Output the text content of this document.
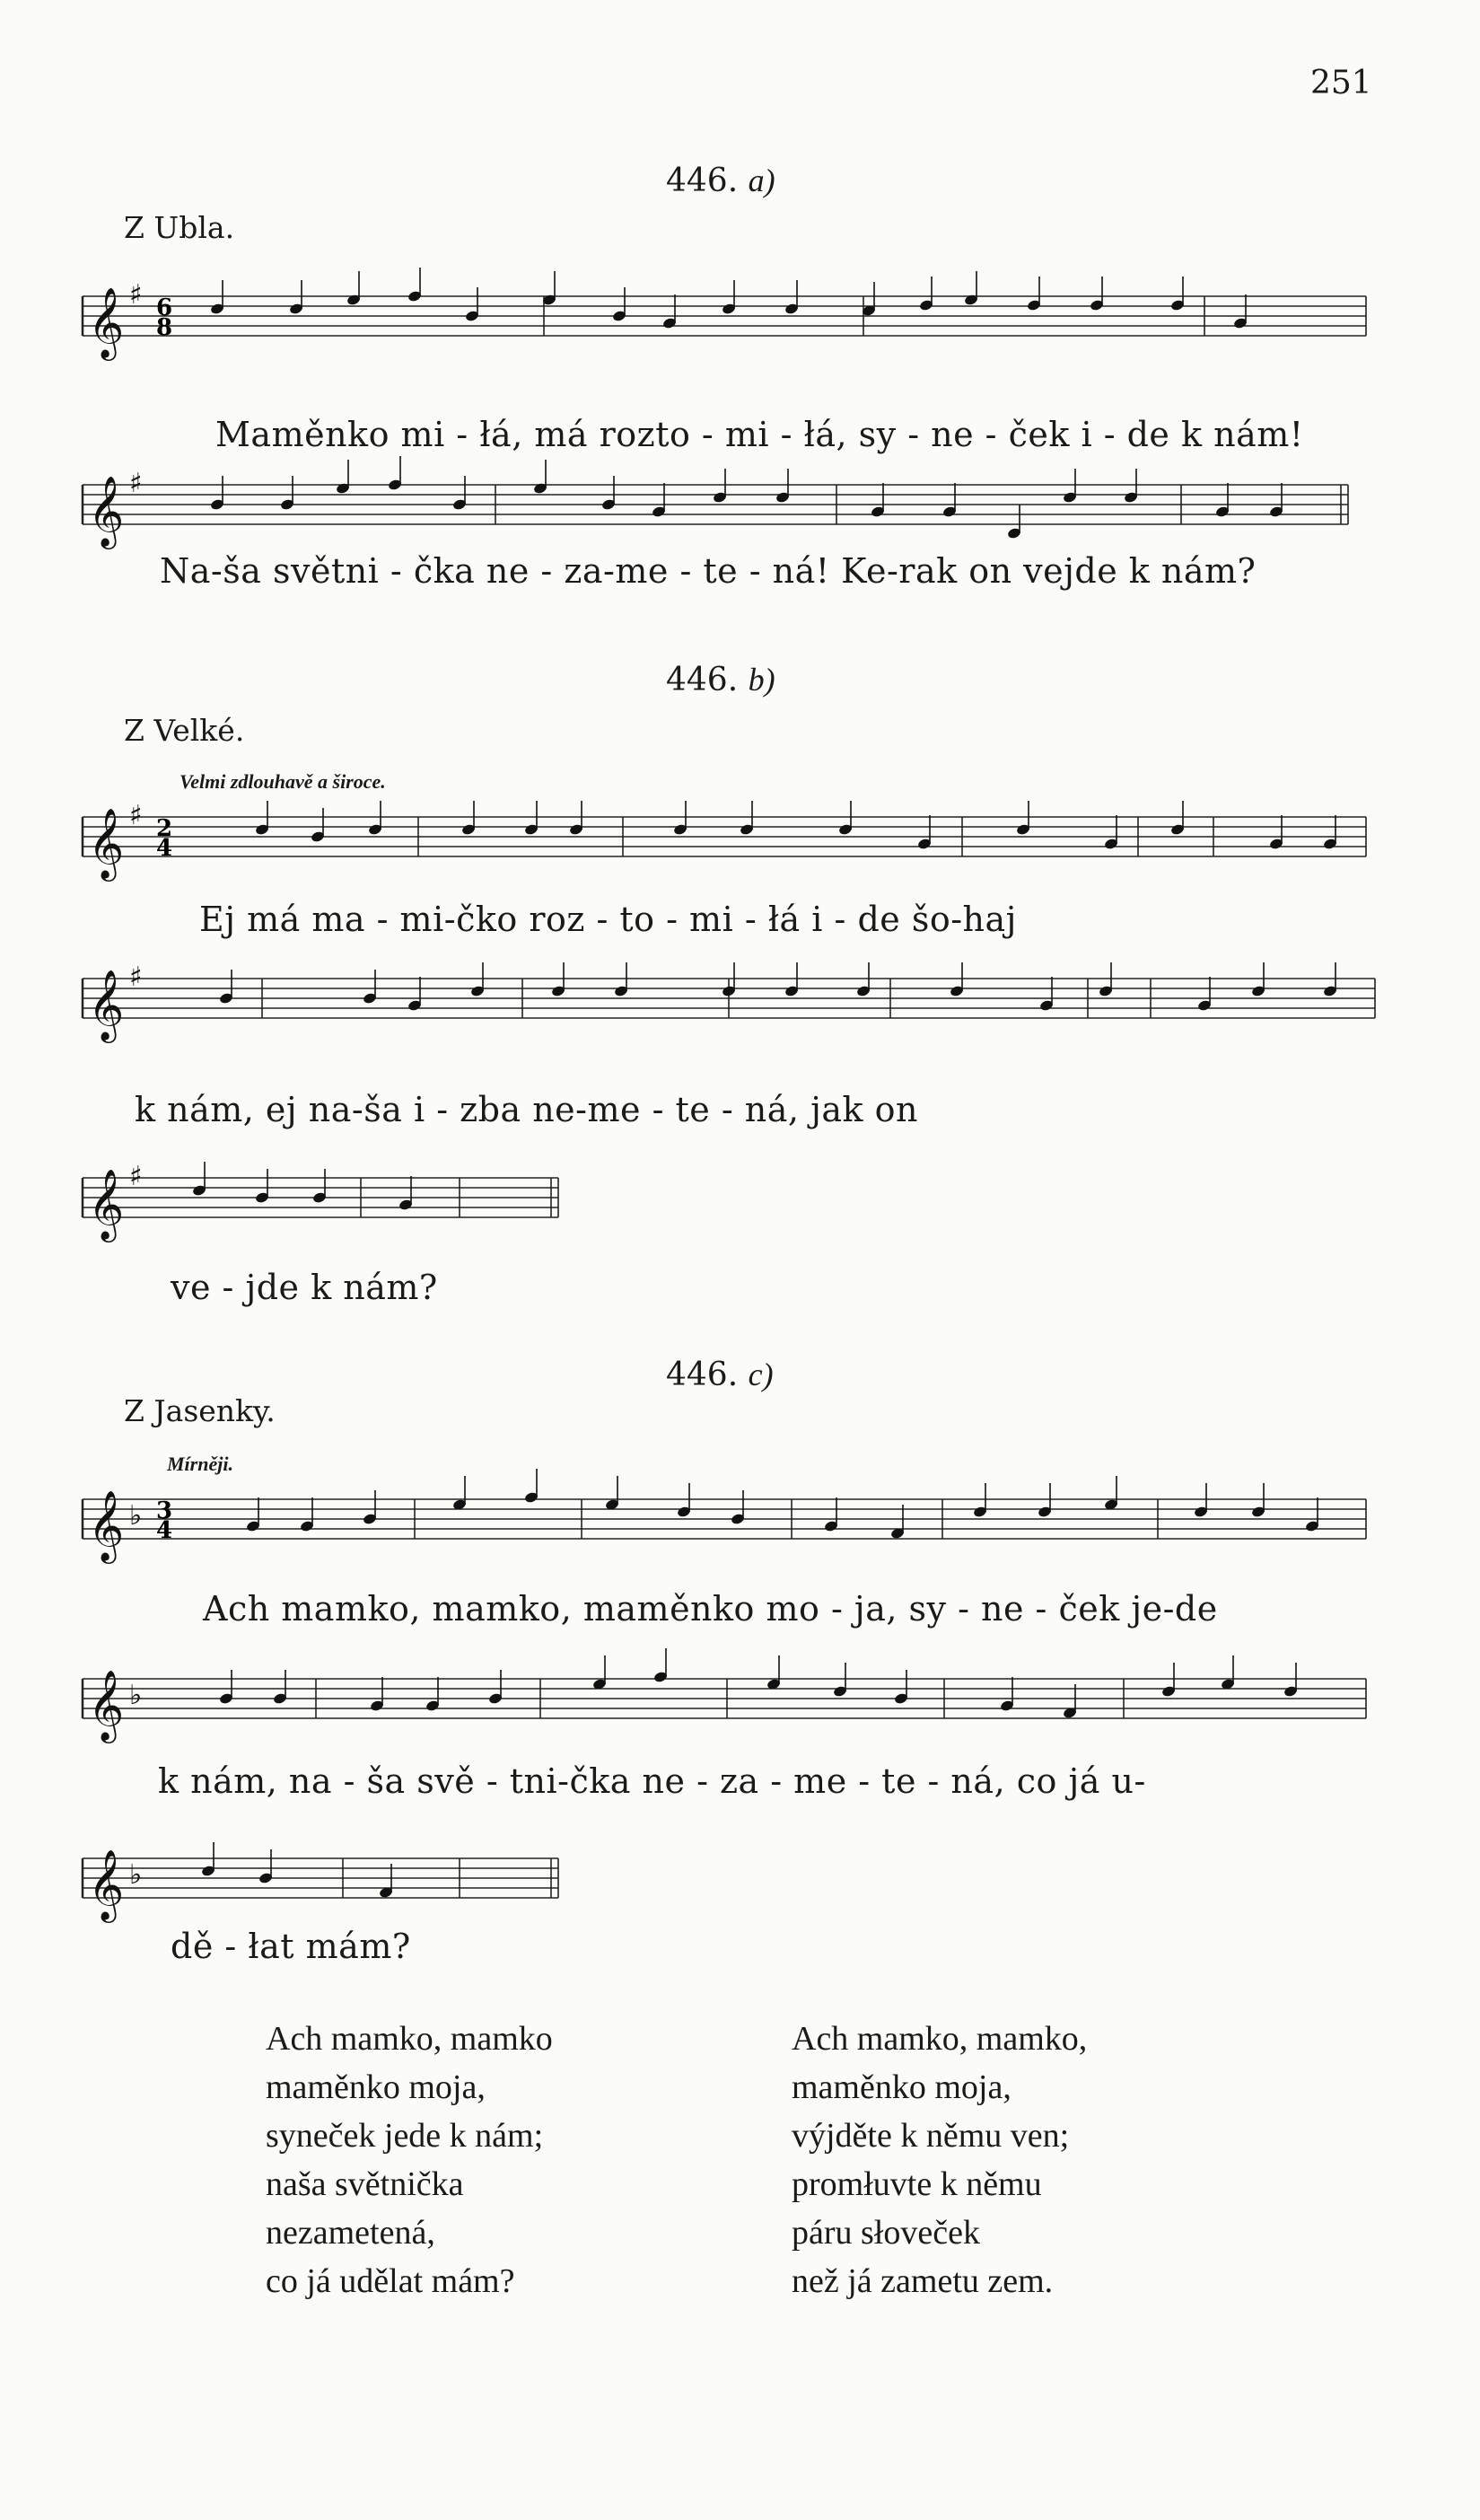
251
446. a)
Z Ubla.
𝄞 ♯ 6
8
Maměnko mi - łá, má rozto - mi - łá, sy - ne - ček i - de k nám!
𝄞 ♯
Na-ša světni - čka ne - za-me - te - ná! Ke-rak on vejde k nám?
446. b)
Z Velké.
Velmi zdlouhavě a široce.
𝄞 ♯ 2
4
Ej má ma - mi-čko roz - to - mi - łá i - de šo-haj
𝄞 ♯
k nám, ej na-ša i - zba ne-me - te - ná, jak on
𝄞 ♯
ve - jde k nám?
446. c)
Z Jasenky.
Mírněji.
𝄞 ♭ 3
4
Ach mamko, mamko, maměnko mo - ja, sy - ne - ček je-de
𝄞 ♭
k nám, na - ša svě - tni-čka ne - za - me - te - ná, co já u-
𝄞 ♭
dě - łat mám?
Ach mamko, mamko
maměnko moja,
syneček jede k nám;
naša světnička
nezametená,
co já udělat mám?
Ach mamko, mamko,
maměnko moja,
výjděte k němu ven;
promłuvte k němu
páru słoveček
než já zametu zem.
